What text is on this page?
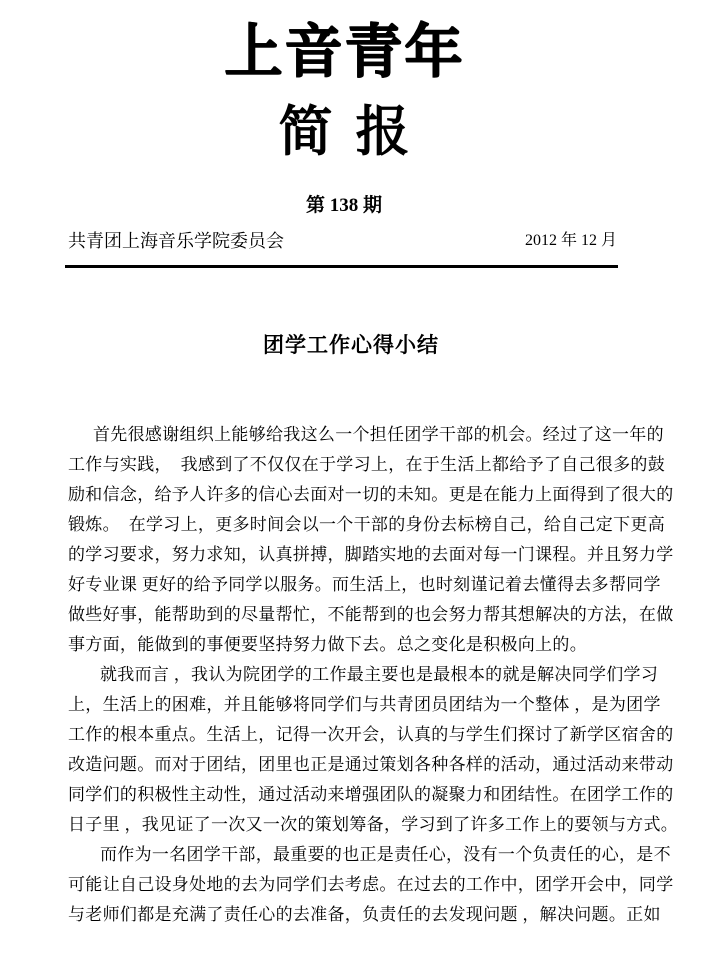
上音青年
简 报
第 138 期
共青团上海音乐学院委员会	2012 年 12 月
团学工作心得小结
首先很感谢组织上能够给我这么一个担任团学干部的机会。经过了这一年的
工作与实践，　我感到了不仅仅在于学习上，在于生活上都给予了自己很多的鼓
励和信念，给予人许多的信心去面对一切的未知。更是在能力上面得到了很大的
锻炼。　在学习上，更多时间会以一个干部的身份去标榜自己，给自己定下更高
的学习要求，努力求知，认真拼搏，脚踏实地的去面对每一门课程。并且努力学
好专业课 更好的给予同学以服务。而生活上，也时刻谨记着去懂得去多帮同学
做些好事，能帮助到的尽量帮忙，不能帮到的也会努力帮其想解决的方法，在做
事方面，能做到的事便要坚持努力做下去。总之变化是积极向上的。
就我而言 ，我认为院团学的工作最主要也是最根本的就是解决同学们学习
上，生活上的困难，并且能够将同学们与共青团员团结为一个整体 ，是为团学
工作的根本重点。生活上，记得一次开会，认真的与学生们探讨了新学区宿舍的
改造问题。而对于团结，团里也正是通过策划各种各样的活动，通过活动来带动
同学们的积极性主动性，通过活动来增强团队的凝聚力和团结性。在团学工作的
日子里 ，我见证了一次又一次的策划筹备，学习到了许多工作上的要领与方式。
而作为一名团学干部，最重要的也正是责任心，没有一个负责任的心，是不
可能让自己设身处地的去为同学们去考虑。在过去的工作中，团学开会中，同学
与老师们都是充满了责任心的去准备，负责任的去发现问题 ，解决问题。正如
